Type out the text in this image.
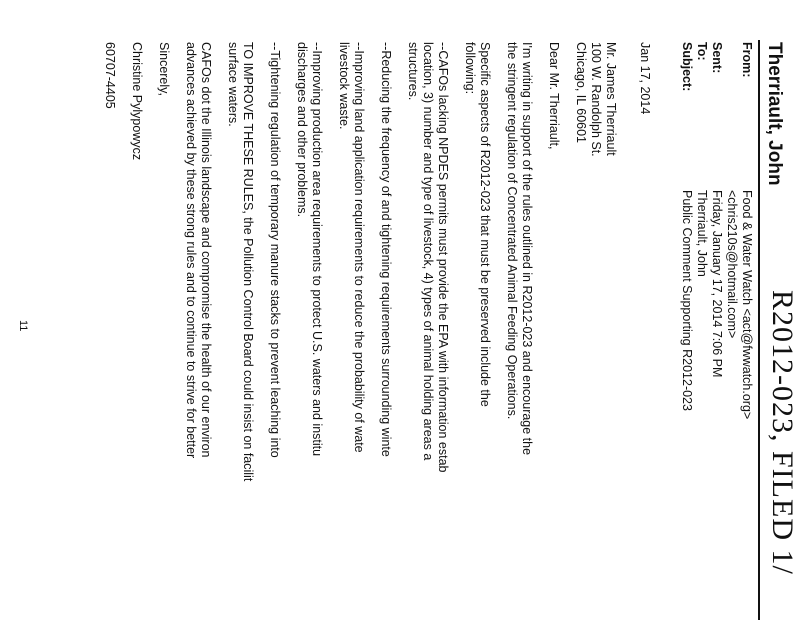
R2012-023, FILED 1/
Therriault, John
From:
Food & Water Watch <act@fwwatch.org>
<chris210s@hotmail.com>
Sent:
Friday, January 17, 2014 7:06 PM
To:
Therriault, John
Subject:
Public Comment Supporting R2012-023
Jan 17, 2014
Mr. James Therriault
100 W. Randolph St.
Chicago, IL 60601
Dear Mr. Therriault,
I'm writing in support of the rules outlined in R2012-023 and encourage the
the stringent regulation of Concentrated Animal Feeding Operations.
Specific aspects of R2012-023 that must be preserved include the
following:
--CAFOs lacking NPDES permits must provide the EPA with information estab
location, 3) number and type of livestock, 4) types of animal holding areas a
structures.
--Reducing the frequency of and tightening requirements surrounding winte
--Improving land application requirements to reduce the probability of wate
livestock waste.
--Improving production area requirements to protect U.S. waters and institu
discharges and other problems.
--Tightening regulation of temporary manure stacks to prevent leaching into
TO IMPROVE THESE RULES, the Pollution Control Board could insist on facilit
surface waters.
CAFOs dot the Illinois landscape and compromise the health of our environ
advances achieved by these strong rules and to continue to strive for better
Sincerely,
Christine Pylypowycz
60707-4405
11
